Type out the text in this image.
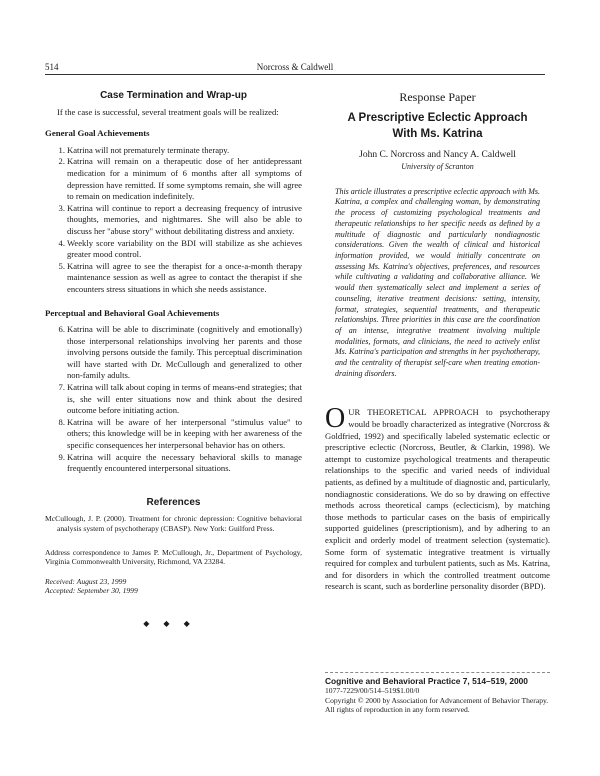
514	Norcross & Caldwell
Case Termination and Wrap-up

If the case is successful, several treatment goals will be realized:

General Goal Achievements
1. Katrina will not prematurely terminate therapy.
2. Katrina will remain on a therapeutic dose of her antidepressant medication for a minimum of 6 months after all symptoms of depression have remitted. If some symptoms remain, she will agree to remain on medication indefinitely.
3. Katrina will continue to report a decreasing frequency of intrusive thoughts, memories, and nightmares. She will also be able to discuss her "abuse story" without debilitating distress and anxiety.
4. Weekly score variability on the BDI will stabilize as she achieves greater mood control.
5. Katrina will agree to see the therapist for a once-a-month therapy maintenance session as well as agree to contact the therapist if she encounters stress situations in which she needs assistance.
Perceptual and Behavioral Goal Achievements
6. Katrina will be able to discriminate (cognitively and emotionally) those interpersonal relationships involving her parents and those involving persons outside the family. This perceptual discrimination will have started with Dr. McCullough and generalized to other non-family adults.
7. Katrina will talk about coping in terms of means-end strategies; that is, she will enter situations now and think about the desired outcome before initiating action.
8. Katrina will be aware of her interpersonal "stimulus value" to others; this knowledge will be in keeping with her awareness of the specific consequences her interpersonal behavior has on others.
9. Katrina will acquire the necessary behavioral skills to manage frequently encountered interpersonal situations.
References

McCullough, J. P. (2000). Treatment for chronic depression: Cognitive behavioral analysis system of psychotherapy (CBASP). New York: Guilford Press.

Address correspondence to James P. McCullough, Jr., Department of Psychology, Virginia Commonwealth University, Richmond, VA 23284.

Received: August 23, 1999

Accepted: September 30, 1999

◆◆◆
Response Paper
A Prescriptive Eclectic Approach
With Ms. Katrina
John C. Norcross and Nancy A. Caldwell
University of Scranton

This article illustrates a prescriptive eclectic approach with Ms. Katrina, a complex and challenging woman, by demonstrating the process of customizing psychological treatments and therapeutic relationships to her specific needs as defined by a multitude of diagnostic and particularly nondiagnostic considerations. Given the wealth of clinical and historical information provided, we would initially concentrate on assessing Ms. Katrina's objectives, preferences, and resources while cultivating a validating and collaborative alliance. We would then systematically select and implement a series of counseling, iterative treatment decisions: setting, intensity, format, strategies, sequential treatments, and therapeutic relationships. Three priorities in this case are the coordination of an intense, integrative treatment involving multiple modalities, formats, and clinicians, the need to actively enlist Ms. Katrina's participation and strengths in her psychotherapy, and the centrality of therapist self-care when treating emotion-draining disorders.

OUR THEORETICAL APPROACH to psychotherapy would be broadly characterized as integrative (Norcross & Goldfried, 1992) and specifically labeled systematic eclectic or prescriptive eclectic (Norcross, Beutler, & Clarkin, 1998). We attempt to customize psychological treatments and therapeutic relationships to the specific and varied needs of individual patients, as defined by a multitude of diagnostic and, particularly, nondiagnostic considerations. We do so by drawing on effective methods across theoretical camps (eclecticism), by matching those methods to particular cases on the basis of empirically supported guidelines (prescriptionism), and by adhering to an explicit and orderly model of treatment selection (systematic). Some form of systematic integrative treatment is virtually required for complex and turbulent patients, such as Ms. Katrina, and for disorders in which the controlled treatment outcome research is scant, such as borderline personality disorder (BPD).

Cognitive and Behavioral Practice 7, 514–519, 2000
1077-7229/00/514–519$1.00/0
Copyright © 2000 by Association for Advancement of Behavior Therapy. All rights of reproduction in any form reserved.
